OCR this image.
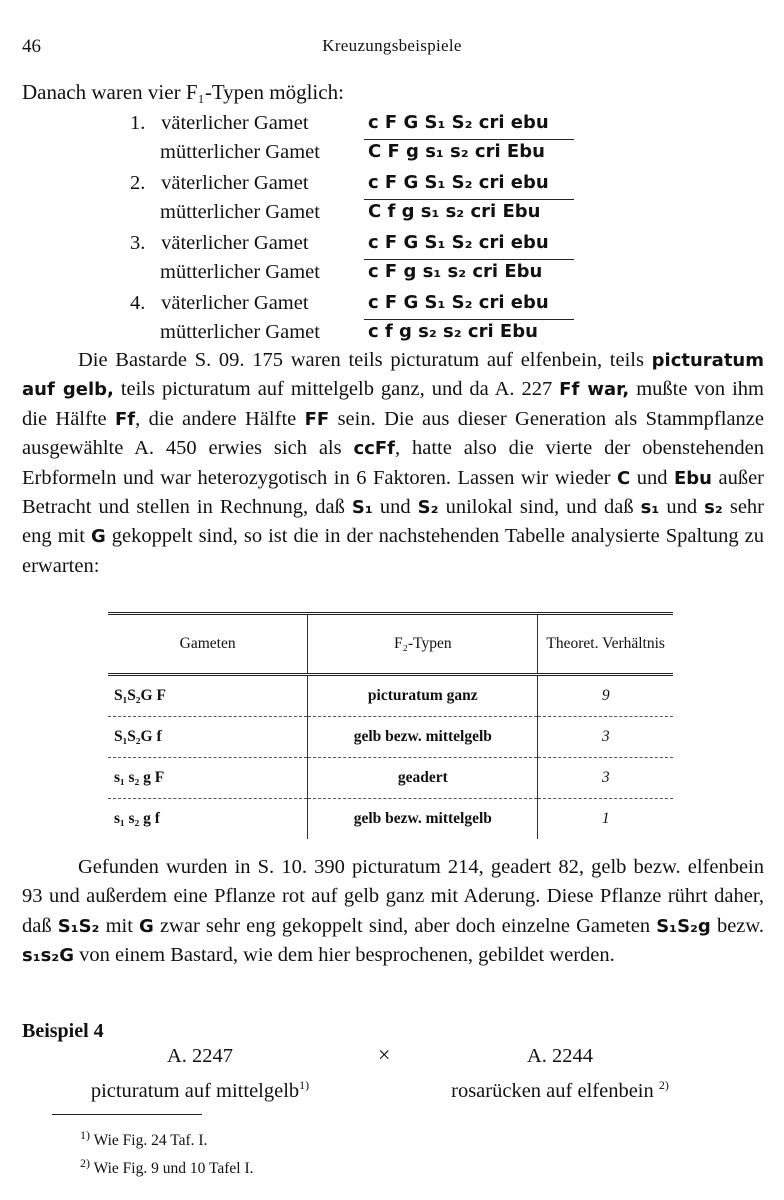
46	Kreuzungsbeispiele
Danach waren vier F₁-Typen möglich:
1. väterlicher Gamet	c F G S₁ S₂ cri ebu
mütterlicher Gamet	C F g s₁ s₂ cri Ebu
2. väterlicher Gamet	c F G S₁ S₂ cri ebu
mütterlicher Gamet	C f g s₁ s₂ cri Ebu
3. väterlicher Gamet	c F G S₁ S₂ cri ebu
mütterlicher Gamet	c F g s₁ s₂ cri Ebu
4. väterlicher Gamet	c F G S₁ S₂ cri ebu
mütterlicher Gamet	c f g s₂ s₂ cri Ebu
Die Bastarde S. 09. 175 waren teils picturatum auf elfenbein, teils picturatum auf gelb, teils picturatum auf mittelgelb ganz, und da A. 227 Ff war, mußte von ihm die Hälfte Ff, die andere Hälfte FF sein. Die aus dieser Generation als Stammpflanze ausgewählte A. 450 erwies sich als ccFf, hatte also die vierte der obenstehenden Erbformeln und war heterozygotisch in 6 Faktoren. Lassen wir wieder C und Ebu außer Betracht und stellen in Rechnung, daß S₁ und S₂ unilokal sind, und daß s₁ und s₂ sehr eng mit G gekoppelt sind, so ist die in der nachstehenden Tabelle analysierte Spaltung zu erwarten:
Gameten	F₂-Typen	Theoret. Verhältnis
S₁S₂G F	picturatum ganz	9
S₁S₂G f	gelb bezw. mittelgelb	3
s₁ s₂ g F	geadert	3
s₁ s₂ g f	gelb bezw. mittelgelb	1
Gefunden wurden in S. 10. 390 picturatum 214, geadert 82, gelb bezw. elfenbein 93 und außerdem eine Pflanze rot auf gelb ganz mit Aderung. Diese Pflanze rührt daher, daß S₁S₂ mit G zwar sehr eng gekoppelt sind, aber doch einzelne Gameten S₁S₂g bezw. s₁s₂G von einem Bastard, wie dem hier besprochenen, gebildet werden.
Beispiel 4
A. 2247
picturatum auf mittelgelb$^{1)}$
×	A. 2244
rosarücken auf elfenbein $^{2)}$
$^{1)}$ Wie Fig. 24 Taf. I.
$^{2)}$ Wie Fig. 9 und 10 Tafel I.
